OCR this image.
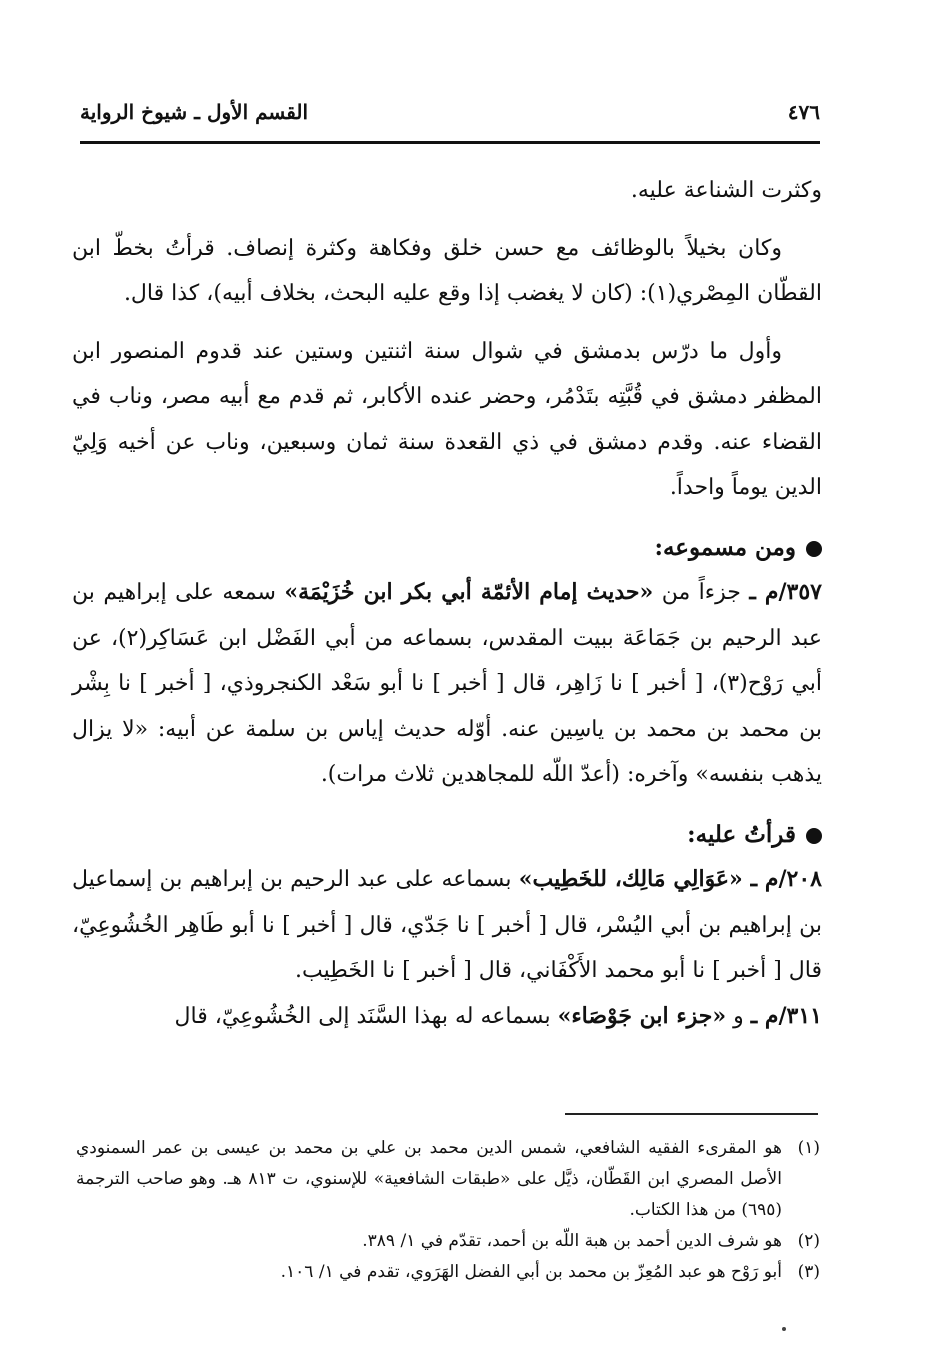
٤٧٦
القسم الأول ـ شيوخ الرواية

وكثرت الشناعة عليه.

وكان بخيلاً بالوظائف مع حسن خلق وفكاهة وكثرة إنصاف. قرأتُ بخطّ ابن القطّان المِصْري(١): (كان لا يغضب إذا وقع عليه البحث، بخلاف أبيه)، كذا قال.

وأول ما درّس بدمشق في شوال سنة اثنتين وستين عند قدوم المنصور ابن المظفر دمشق في قُبَّتِه بتَدْمُر، وحضر عنده الأكابر، ثم قدم مع أبيه مصر، وناب في القضاء عنه. وقدم دمشق في ذي القعدة سنة ثمان وسبعين، وناب عن أخيه وَلِيّ الدين يوماً واحداً.

ومن مسموعه:

٣٥٧/م ـ جزءاً من «حديث إمام الأئمّة أبي بكر ابن خُزَيْمَة» سمعه على إبراهيم بن عبد الرحيم بن جَمَاعَة ببيت المقدس، بسماعه من أبي الفَضْل ابن عَسَاكِر(٢)، عن أبي رَوْح(٣)، [ أخبر ] نا زَاهِر، قال [ أخبر ] نا أبو سَعْد الكنجروذي، [ أخبر ] نا بِشْر بن محمد بن محمد بن ياسِين عنه. أوّله حديث إياس بن سلمة عن أبيه: «لا يزال يذهب بنفسه» وآخره: (أعدّ اللّه للمجاهدين ثلاث مرات).

قرأتُ عليه:

٢٠٨/م ـ «عَوَالِي مَالِك، للخَطِيب» بسماعه على عبد الرحيم بن إبراهيم بن إسماعيل بن إبراهيم بن أبي اليُسْر، قال [ أخبر ] نا جَدّي، قال [ أخبر ] نا أبو طَاهِر الخُشُوعِيّ، قال [ أخبر ] نا أبو محمد الأَكْفَاني، قال [ أخبر ] نا الخَطِيب.

٣١١/م ـ و «جزء ابن جَوْصَاء» بسماعه له بهذا السَّنَد إلى الخُشُوعِيّ، قال

(١)
هو المقرىء الفقيه الشافعي، شمس الدين محمد بن علي بن محمد بن عيسى بن عمر السمنودي الأصل المصري ابن القَطّان، ذيَّل على «طبقات الشافعية» للإسنوي، ت ٨١٣ هـ. وهو صاحب الترجمة (٦٩٥) من هذا الكتاب.
(٢)
هو شرف الدين أحمد بن هبة اللّه بن أحمد، تقدّم في ١/ ٣٨٩.
(٣)
أبو رَوْح هو عبد المُعِزّ بن محمد بن أبي الفضل الهَرَوي، تقدم في ١/ ١٠٦.
